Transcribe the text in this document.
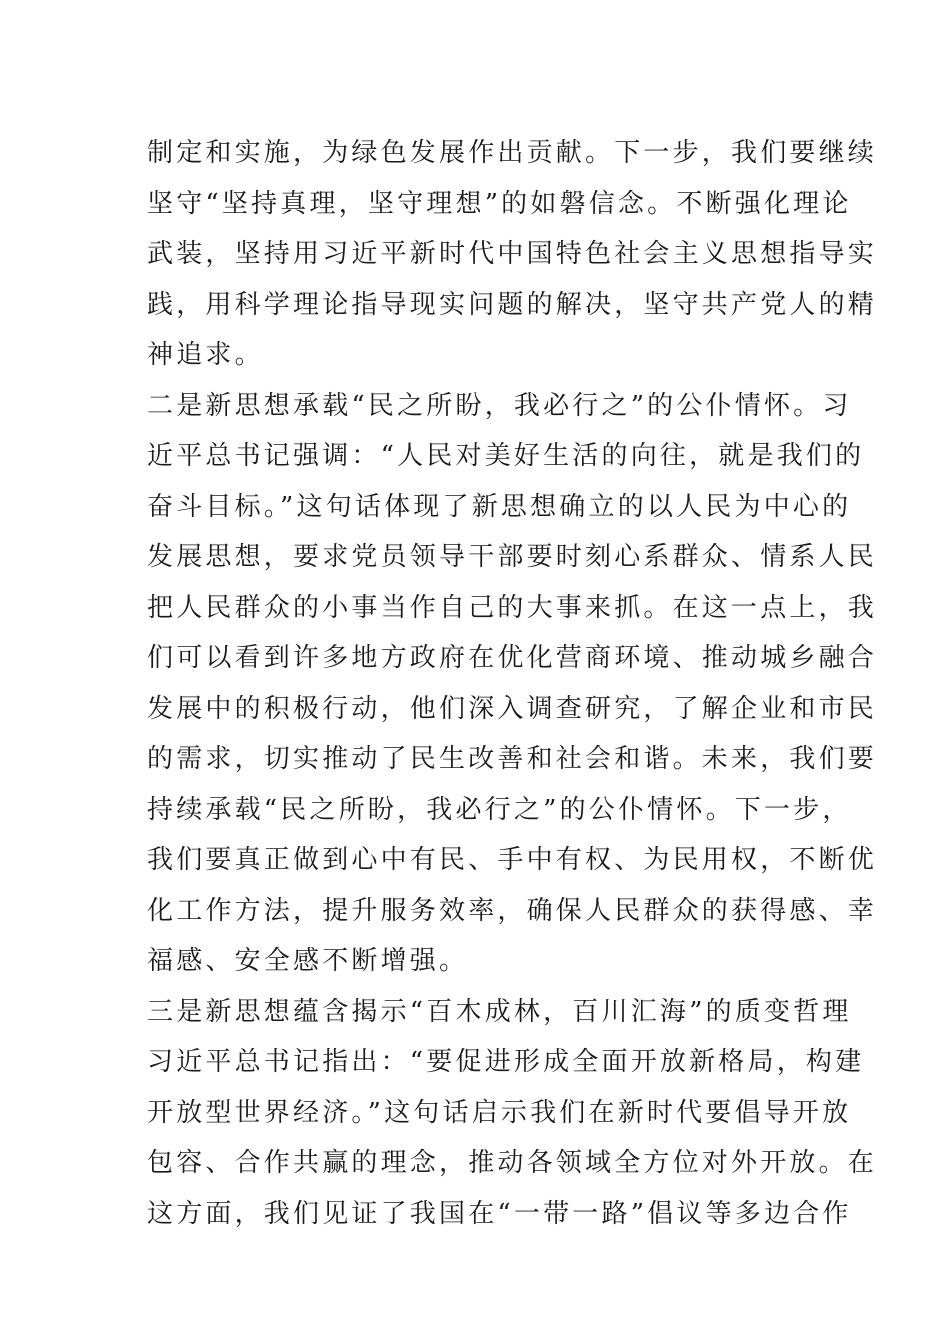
制定和实施，为绿色发展作出贡献。下一步，我们要继续
坚守“坚持真理，坚守理想”的如磐信念。不断强化理论
武装，坚持用习近平新时代中国特色社会主义思想指导实
践，用科学理论指导现实问题的解决，坚守共产党人的精
神追求。
二是新思想承载“民之所盼，我必行之”的公仆情怀。习
近平总书记强调：“人民对美好生活的向往，就是我们的
奋斗目标。”这句话体现了新思想确立的以人民为中心的
发展思想，要求党员领导干部要时刻心系群众、情系人民
把人民群众的小事当作自己的大事来抓。在这一点上，我
们可以看到许多地方政府在优化营商环境、推动城乡融合
发展中的积极行动，他们深入调查研究，了解企业和市民
的需求，切实推动了民生改善和社会和谐。未来，我们要
持续承载“民之所盼，我必行之”的公仆情怀。下一步，
我们要真正做到心中有民、手中有权、为民用权，不断优
化工作方法，提升服务效率，确保人民群众的获得感、幸
福感、安全感不断增强。
三是新思想蕴含揭示“百木成林，百川汇海”的质变哲理
习近平总书记指出：“要促进形成全面开放新格局，构建
开放型世界经济。”这句话启示我们在新时代要倡导开放
包容、合作共赢的理念，推动各领域全方位对外开放。在
这方面，我们见证了我国在“一带一路”倡议等多边合作
